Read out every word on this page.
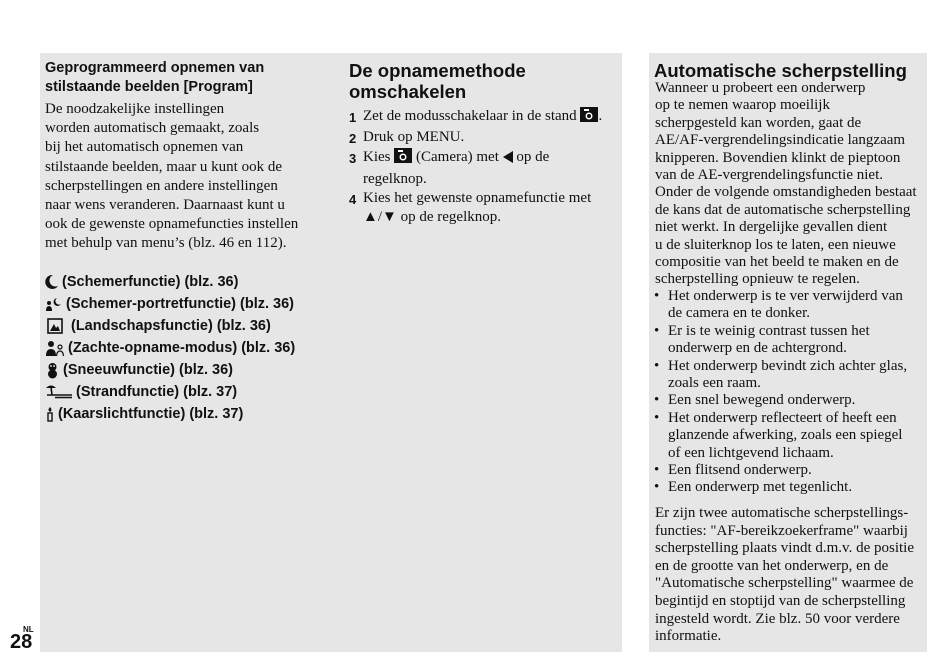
Geprogrammeerd opnemen van
stilstaande beelden [Program]
De noodzakelijke instellingen
worden automatisch gemaakt, zoals
bij het automatisch opnemen van
stilstaande beelden, maar u kunt ook de
scherpstellingen en andere instellingen
naar wens veranderen. Daarnaast kunt u
ook de gewenste opnamefuncties instellen
met behulp van menu’s (blz. 46 en 112).
(Schemerfunctie) (blz. 36)
(Schemer-portretfunctie) (blz. 36)
(Landschapsfunctie) (blz. 36)
(Zachte-opname-modus) (blz. 36)
(Sneeuwfunctie) (blz. 36)
(Strandfunctie) (blz. 37)
(Kaarslichtfunctie) (blz. 37)
De opnamemethode
omschakelen
1 Zet de modusschakelaar in de stand .
2 Druk op MENU.
3 Kies  (Camera) met  op de
regelknop.
4 Kies het gewenste opnamefunctie met
▲/▼ op de regelknop.
Automatische scherpstelling
Wanneer u probeert een onderwerp
op te nemen waarop moeilijk
scherpgesteld kan worden, gaat de
AE/AF-vergrendelingsindicatie langzaam
knipperen. Bovendien klinkt de pieptoon
van de AE-vergrendelingsfunctie niet.
Onder de volgende omstandigheden bestaat
de kans dat de automatische scherpstelling
niet werkt. In dergelijke gevallen dient
u de sluiterknop los te laten, een nieuwe
compositie van het beeld te maken en de
scherpstelling opnieuw te regelen.
• Het onderwerp is te ver verwijderd van
de camera en te donker.
• Er is te weinig contrast tussen het
onderwerp en de achtergrond.
• Het onderwerp bevindt zich achter glas,
zoals een raam.
• Een snel bewegend onderwerp.
• Het onderwerp reflecteert of heeft een
glanzende afwerking, zoals een spiegel
of een lichtgevend lichaam.
• Een flitsend onderwerp.
• Een onderwerp met tegenlicht.
Er zijn twee automatische scherpstellings-
functies: "AF-bereikzoekerframe" waarbij
scherpstelling plaats vindt d.m.v. de positie
en de grootte van het onderwerp, en de
"Automatische scherpstelling" waarmee de
begintijd en stoptijd van de scherpstelling
ingesteld wordt. Zie blz. 50 voor verdere
informatie.
NL
28
